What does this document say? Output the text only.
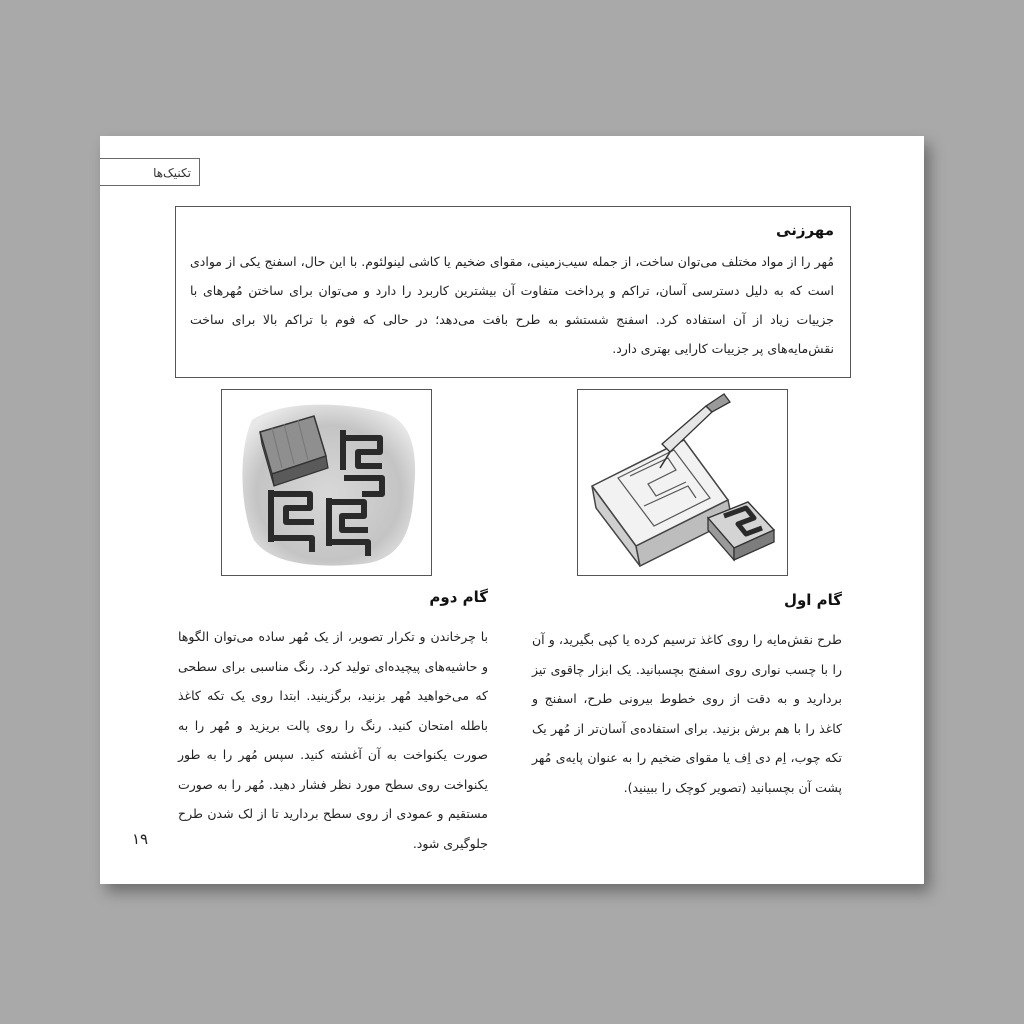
تکنیک‌ها
مهرزنی

مُهر را از مواد مختلف می‌توان ساخت، از جمله سیب‌زمینی، مقوای ضخیم یا کاشی لینولئوم. با این حال، اسفنج یکی از موادی است که به دلیل دسترسی آسان، تراکم و پرداخت متفاوت آن بیشترین کاربرد را دارد و می‌توان برای ساختن مُهرهای با جزییات زیاد از آن استفاده کرد. اسفنج شستشو به طرح بافت می‌دهد؛ در حالی که فوم با تراکم بالا برای ساخت نقش‌مایه‌های پر جزییات کارایی بهتری دارد.

گام اول

طرح نقش‌مایه را روی کاغذ ترسیم کرده یا کپی بگیرید، و آن را با چسب نواری روی اسفنج بچسبانید. یک ابزار چاقوی تیز بردارید و به دقت از روی خطوط بیرونی طرح، اسفنج و کاغذ را با هم برش بزنید. برای استفاده‌ی آسان‌تر از مُهر یک تکه چوب، اِم دی اِف یا مقوای ضخیم را به عنوان پایه‌ی مُهر پشت آن بچسبانید (تصویر کوچک را ببینید).

گام دوم

با چرخاندن و تکرار تصویر، از یک مُهر ساده می‌توان الگوها و حاشیه‌های پیچیده‌ای تولید کرد. رنگ مناسبی برای سطحی که می‌خواهید مُهر بزنید، برگزینید. ابتدا روی یک تکه کاغذ باطله امتحان کنید. رنگ را روی پالت بریزید و مُهر را به صورت یکنواخت به آن آغشته کنید. سپس مُهر را به طور یکنواخت روی سطح مورد نظر فشار دهید. مُهر را به صورت مستقیم و عمودی از روی سطح بردارید تا از لک شدن طرح جلوگیری شود.

۱۹
